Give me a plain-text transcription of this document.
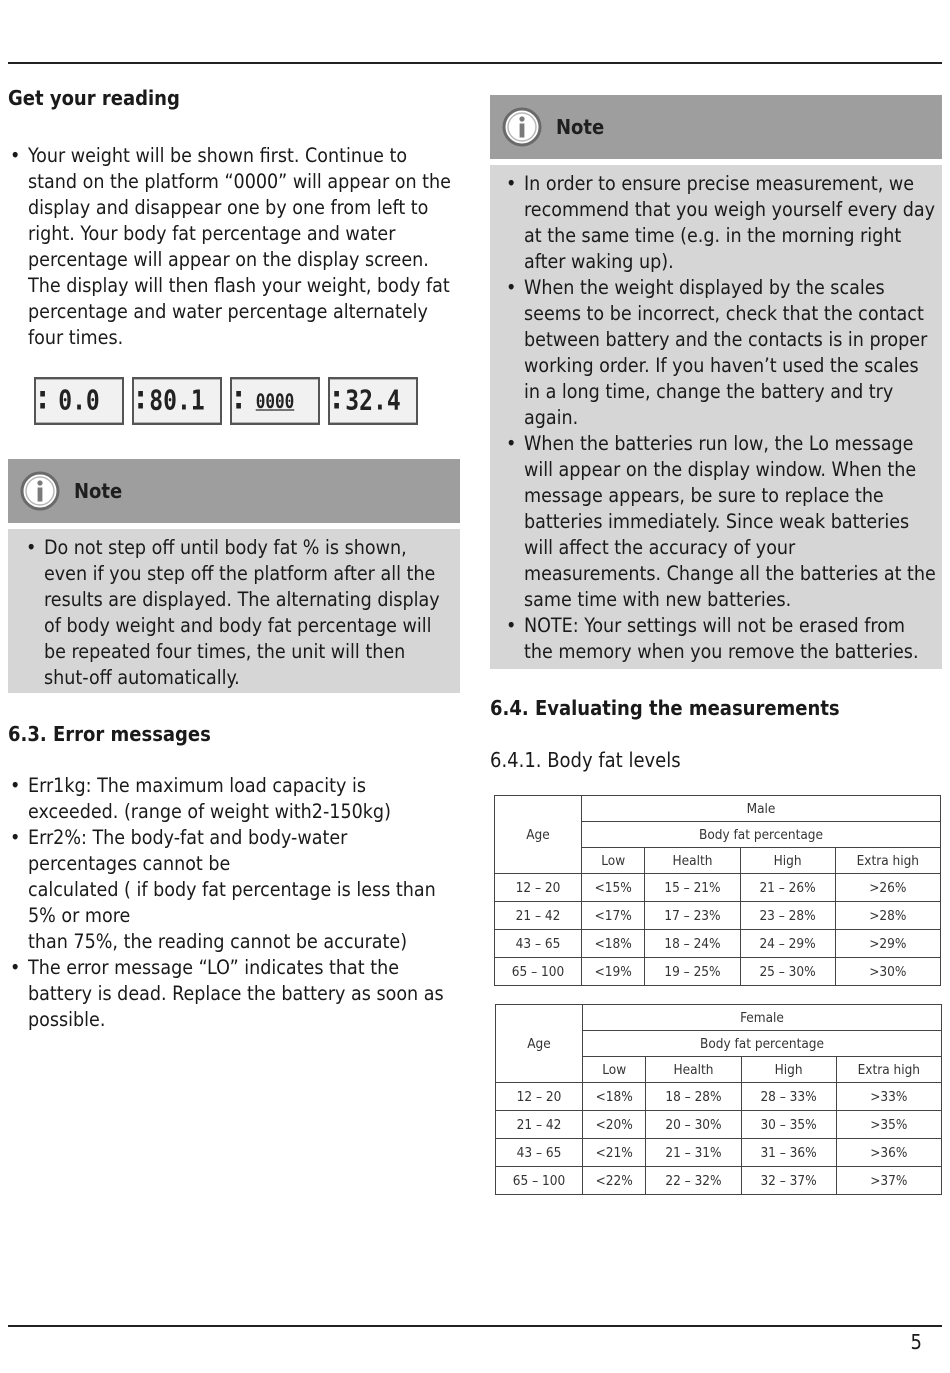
Get your reading
• Your weight will be shown first. Continue to stand on the platform “0000” will appear on the display and disappear one by one from left to right. Your body fat percentage and water percentage will appear on the display screen. The display will then flash your weight, body fat percentage and water percentage alternately four times.
▪
▪ 0.0	▪
▪ 80.1	▪
▪ 0000	▪
▪ 32.4
Note
• Do not step off until body fat % is shown, even if you step off the platform after all the results are displayed. The alternating display of body weight and body fat percentage will be repeated four times, the unit will then shut-off automatically.
6.3. Error messages
• Err1kg: The maximum load capacity is exceeded. (range of weight with2-150kg)
• Err2%: The body-fat and body-water percentages cannot be
calculated ( if body fat percentage is less than 5% or more
than 75%, the reading cannot be accurate)
• The error message “LO” indicates that the battery is dead. Replace the battery as soon as possible.
Note
• In order to ensure precise measurement, we recommend that you weigh yourself every day at the same time (e.g. in the morning right after waking up).
• When the weight displayed by the scales seems to be incorrect, check that the contact between battery and the contacts is in proper working order. If you haven’t used the scales in a long time, change the battery and try again.
• When the batteries run low, the Lo message will appear on the display window. When the message appears, be sure to replace the batteries immediately. Since weak batteries will affect the accuracy of your measurements. Change all the batteries at the same time with new batteries.
• NOTE: Your settings will not be erased from the memory when you remove the batteries.
6.4. Evaluating the measurements

6.4.1. Body fat levels

Age	Male			
	Body fat percentage			
	Low	Health	High	Extra high
12 – 20	<15%	15 – 21%	21 – 26%	>26%
21 – 42	<17%	17 – 23%	23 – 28%	>28%
43 – 65	<18%	18 – 24%	24 – 29%	>29%
65 – 100	<19%	19 – 25%	25 – 30%	>30%
Age	Female			
	Body fat percentage			
	Low	Health	High	Extra high
12 – 20	<18%	18 – 28%	28 – 33%	>33%
21 – 42	<20%	20 – 30%	30 – 35%	>35%
43 – 65	<21%	21 – 31%	31 – 36%	>36%
65 – 100	<22%	22 – 32%	32 – 37%	>37%
5
